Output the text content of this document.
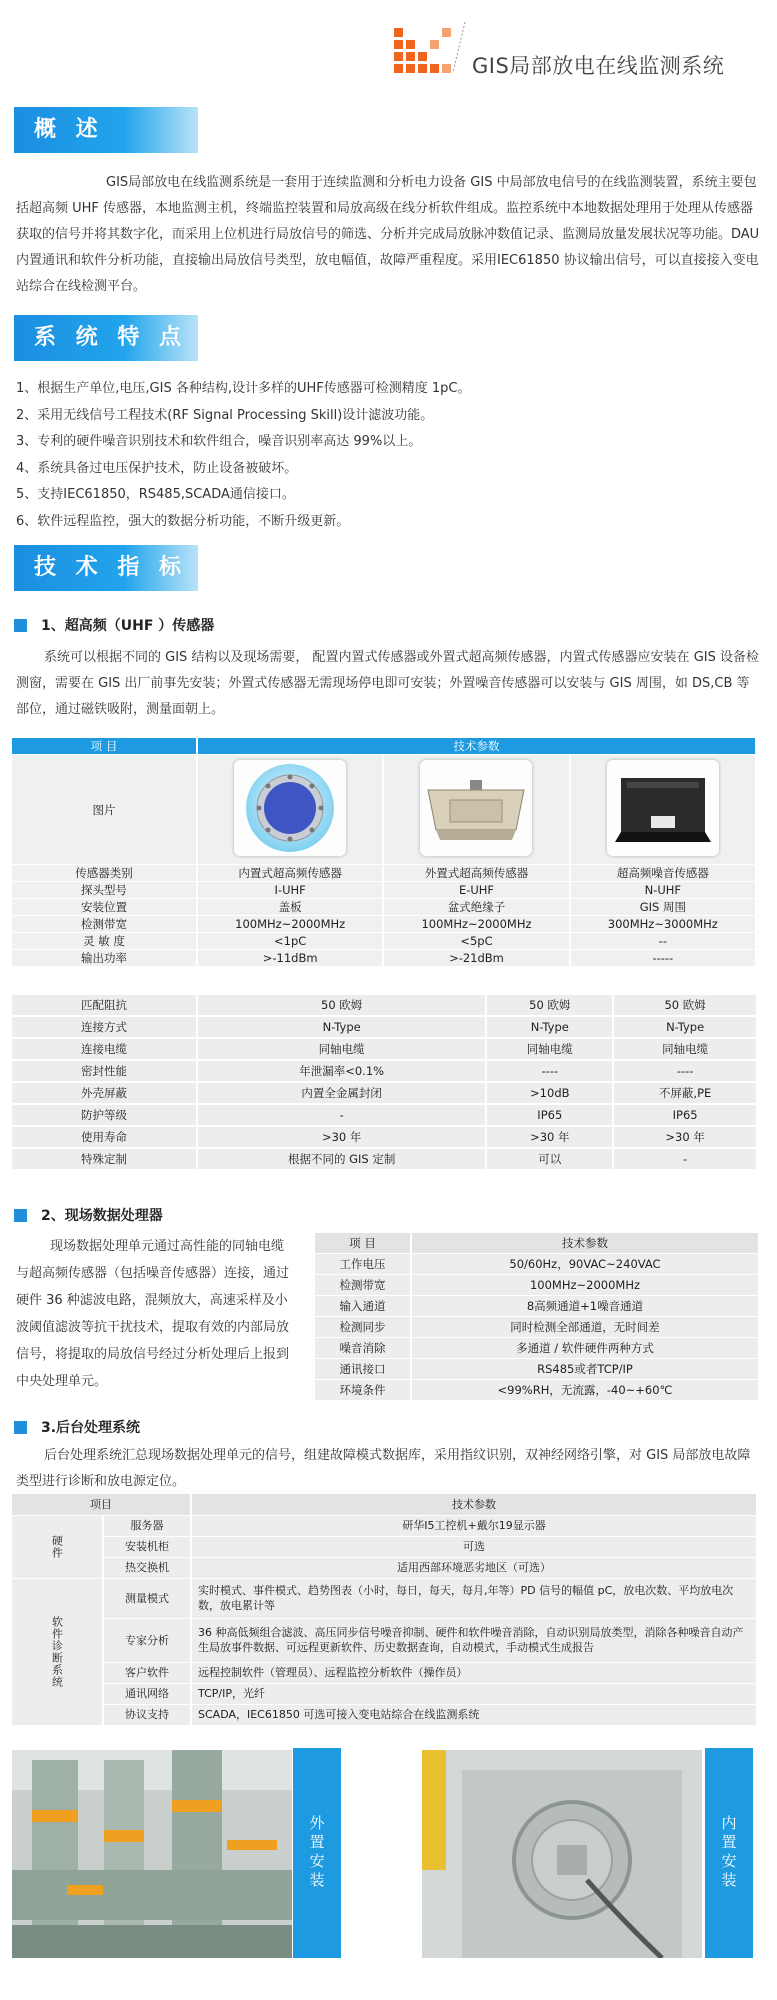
GIS局部放电在线监测系统
概 述
GIS局部放电在线监测系统是一套用于连续监测和分析电力设备 GIS 中局部放电信号的在线监测装置，系统主要包括超高频 UHF 传感器，本地监测主机，终端监控装置和局放高级在线分析软件组成。监控系统中本地数据处理用于处理从传感器获取的信号并将其数字化，而采用上位机进行局放信号的筛选、分析并完成局放脉冲数值记录、监测局放量发展状况等功能。DAU内置通讯和软件分析功能，直接输出局放信号类型，放电幅值，故障严重程度。采用IEC61850 协议输出信号，可以直接接入变电站综合在线检测平台。
系 统 特 点
1、根据生产单位,电压,GIS 各种结构,设计多样的UHF传感器可检测精度 1pC。
2、采用无线信号工程技术(RF Signal Processing Skill)设计滤波功能。
3、专利的硬件噪音识别技术和软件组合，噪音识别率高达 99%以上。
4、系统具备过电压保护技术，防止设备被破坏。
5、支持IEC61850，RS485,SCADA通信接口。
6、软件远程监控，强大的数据分析功能，不断升级更新。
技 术 指 标
1、超高频（UHF ）传感器
系统可以根据不同的 GIS 结构以及现场需要， 配置内置式传感器或外置式超高频传感器，内置式传感器应安装在 GIS 设备检测窗，需要在 GIS 出厂前事先安装；外置式传感器无需现场停电即可安装；外置噪音传感器可以安装与 GIS 周围，如 DS,CB 等部位，通过磁铁吸附，测量面朝上。
项 目	技术参数		
图片			
传感器类别	内置式超高频传感器	外置式超高频传感器	超高频噪音传感器
探头型号	I-UHF	E-UHF	N-UHF
安装位置	盖板	盆式绝缘子	GIS 周围
检测带宽	100MHz~2000MHz	100MHz~2000MHz	300MHz~3000MHz
灵 敏 度	<1pC	<5pC	--
输出功率	>-11dBm	>-21dBm	-----
匹配阻抗	50 欧姆	50 欧姆	50 欧姆
连接方式	N-Type	N-Type	N-Type
连接电缆	同轴电缆	同轴电缆	同轴电缆
密封性能	年泄漏率<0.1%	----	----
外壳屏蔽	内置全金属封闭	>10dB	不屏蔽,PE
防护等级	-	IP65	IP65
使用寿命	>30 年	>30 年	>30 年
特殊定制	根据不同的 GIS 定制	可以	-
2、现场数据处理器
现场数据处理单元通过高性能的同轴电缆与超高频传感器（包括噪音传感器）连接，通过硬件 36 种滤波电路，混频放大，高速采样及小波阈值滤波等抗干扰技术，提取有效的内部局放信号，将提取的局放信号经过分析处理后上报到中央处理单元。
项 目	技术参数
工作电压	50/60Hz，90VAC~240VAC
检测带宽	100MHz~2000MHz
输入通道	8高频通道+1噪音通道
检测同步	同时检测全部通道，无时间差
噪音消除	多通道 / 软件硬件两种方式
通讯接口	RS485或者TCP/IP
环境条件	<99%RH，无流露，-40~+60℃
3.后台处理系统
后台处理系统汇总现场数据处理单元的信号，组建故障模式数据库，采用指纹识别，双神经网络引擎，对 GIS 局部放电故障类型进行诊断和放电源定位。
项目		技术参数
硬件	服务器	研华I5工控机+戴尔19显示器
	安装机柜	可选
	热交换机	适用西部环境恶劣地区（可选）
软件诊断系统	测量模式	实时模式、事件模式、趋势图表（小时，每日，每天，每月,年等）PD 信号的幅值 pC，放电次数、平均放电次数，放电累计等
	专家分析	36 种高低频组合滤波、高压同步信号噪音抑制、硬件和软件噪音消除，自动识别局放类型，消除各种噪音自动产生局放事件数据、可远程更新软件、历史数据查询，自动模式，手动模式生成报告
	客户软件	远程控制软件（管理员）、远程监控分析软件（操作员）
	通讯网络	TCP/IP，光纤
	协议支持	SCADA，IEC61850 可选可接入变电站综合在线监测系统
外置安装	内置安装
